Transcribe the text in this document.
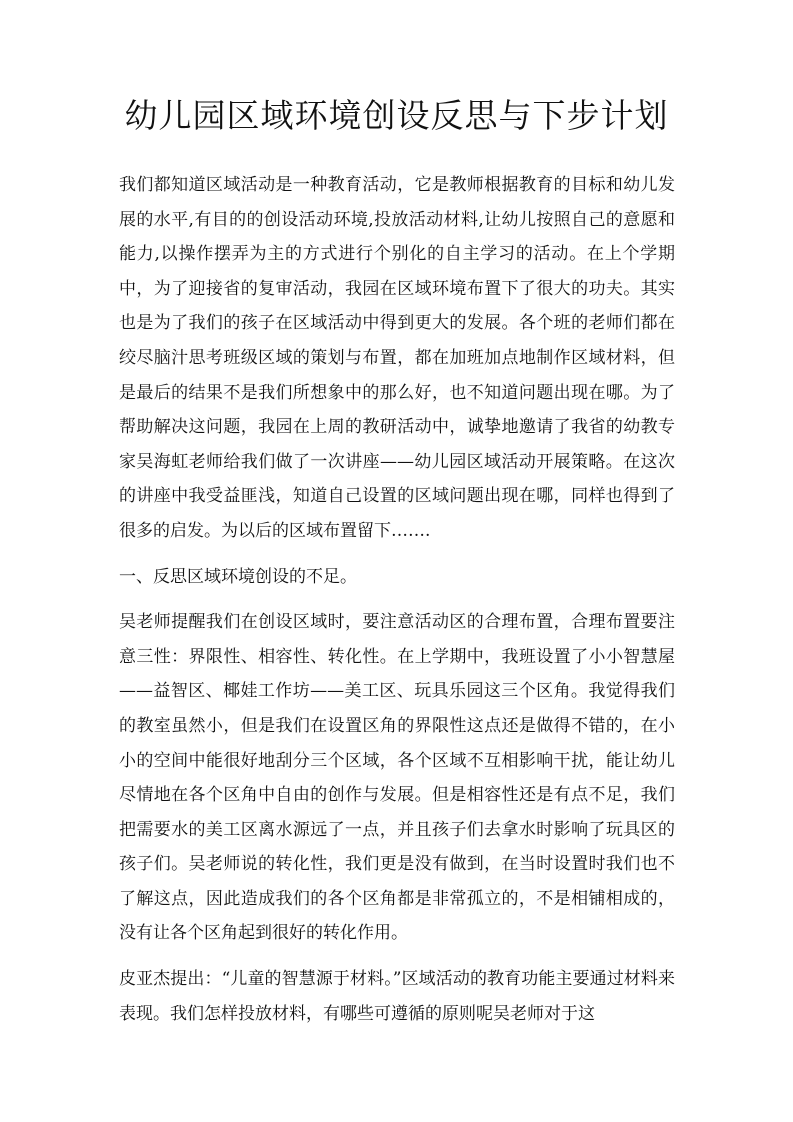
幼儿园区域环境创设反思与下步计划

我们都知道区域活动是一种教育活动，它是教师根据教育的目标和幼儿发展的水平,有目的的创设活动环境,投放活动材料,让幼儿按照自己的意愿和能力,以操作摆弄为主的方式进行个别化的自主学习的活动。在上个学期中，为了迎接省的复审活动，我园在区域环境布置下了很大的功夫。其实也是为了我们的孩子在区域活动中得到更大的发展。各个班的老师们都在绞尽脑汁思考班级区域的策划与布置，都在加班加点地制作区域材料，但是最后的结果不是我们所想象中的那么好，也不知道问题出现在哪。为了帮助解决这问题，我园在上周的教研活动中，诚挚地邀请了我省的幼教专家吴海虹老师给我们做了一次讲座——幼儿园区域活动开展策略。在这次的讲座中我受益匪浅，知道自己设置的区域问题出现在哪，同样也得到了很多的启发。为以后的区域布置留下…….

一、反思区域环境创设的不足。

吴老师提醒我们在创设区域时，要注意活动区的合理布置，合理布置要注意三性：界限性、相容性、转化性。在上学期中，我班设置了小小智慧屋——益智区、椰娃工作坊——美工区、玩具乐园这三个区角。我觉得我们的教室虽然小，但是我们在设置区角的界限性这点还是做得不错的，在小小的空间中能很好地刮分三个区域，各个区域不互相影响干扰，能让幼儿尽情地在各个区角中自由的创作与发展。但是相容性还是有点不足，我们把需要水的美工区离水源远了一点，并且孩子们去拿水时影响了玩具区的孩子们。吴老师说的转化性，我们更是没有做到，在当时设置时我们也不了解这点，因此造成我们的各个区角都是非常孤立的，不是相铺相成的，没有让各个区角起到很好的转化作用。

皮亚杰提出：“儿童的智慧源于材料。”区域活动的教育功能主要通过材料来表现。我们怎样投放材料，有哪些可遵循的原则呢吴老师对于这
